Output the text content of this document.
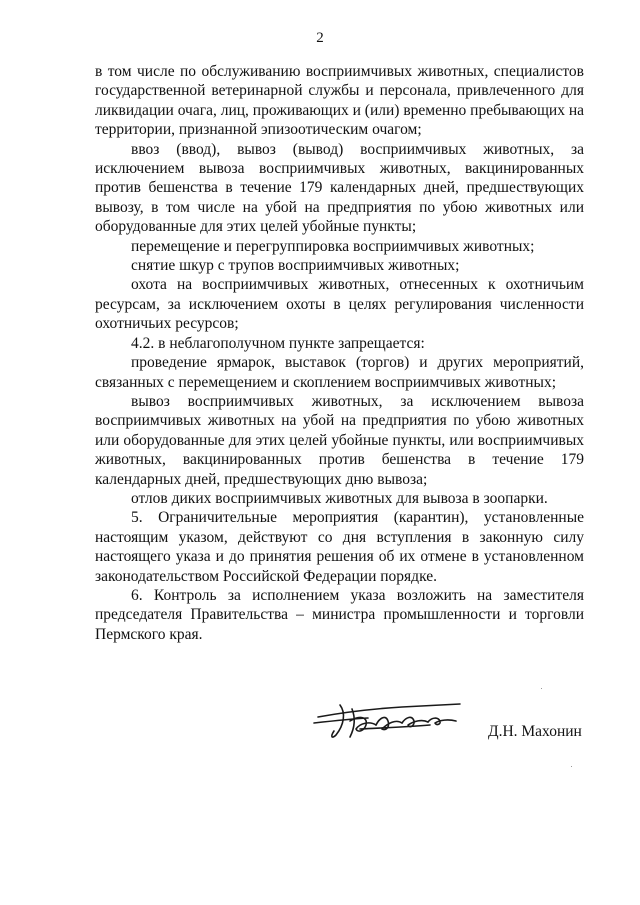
2

в том числе по обслуживанию восприимчивых животных, специалистов государственной ветеринарной службы и персонала, привлеченного для ликвидации очага, лиц, проживающих и (или) временно пребывающих на территории, признанной эпизоотическим очагом;

ввоз (ввод), вывоз (вывод) восприимчивых животных, за исключением вывоза восприимчивых животных, вакцинированных против бешенства в течение 179 календарных дней, предшествующих вывозу, в том числе на убой на предприятия по убою животных или оборудованные для этих целей убойные пункты;

перемещение и перегруппировка восприимчивых животных;

снятие шкур с трупов восприимчивых животных;

охота на восприимчивых животных, отнесенных к охотничьим ресурсам, за исключением охоты в целях регулирования численности охотничьих ресурсов;

4.2. в неблагополучном пункте запрещается:

проведение ярмарок, выставок (торгов) и других мероприятий, связанных с перемещением и скоплением восприимчивых животных;

вывоз восприимчивых животных, за исключением вывоза восприимчивых животных на убой на предприятия по убою животных или оборудованные для этих целей убойные пункты, или восприимчивых животных, вакцинированных против бешенства в течение 179 календарных дней, предшествующих дню вывоза;

отлов диких восприимчивых животных для вывоза в зоопарки.

5. Ограничительные мероприятия (карантин), установленные настоящим указом, действуют со дня вступления в законную силу настоящего указа и до принятия решения об их отмене в установленном законодательством Российской Федерации порядке.

6. Контроль за исполнением указа возложить на заместителя председателя Правительства – министра промышленности и торговли Пермского края.

Д.Н. Махонин
